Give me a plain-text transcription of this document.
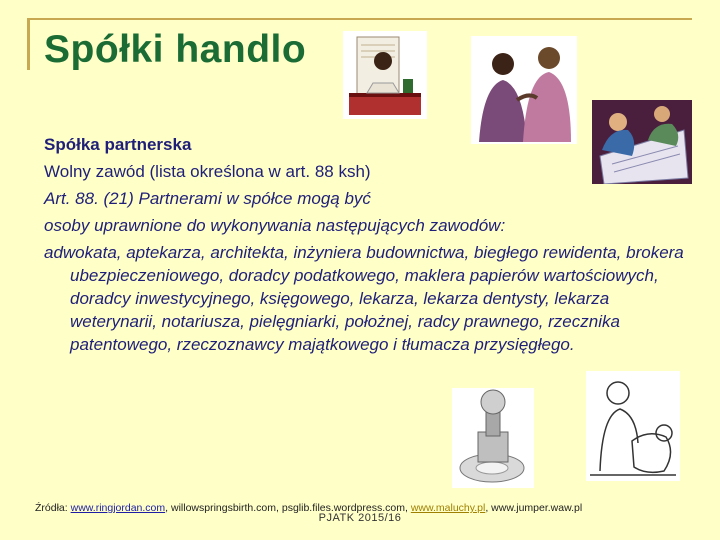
Spółki handlo

Spółka partnerska

Wolny zawód (lista określona w art. 88 ksh)

Art. 88. (21) Partnerami w spółce mogą być

osoby uprawnione do wykonywania następujących zawodów:

adwokata, aptekarza, architekta, inżyniera budownictwa, biegłego rewidenta, brokera ubezpieczeniowego, doradcy podatkowego, maklera papierów wartościowych, doradcy inwestycyjnego, księgowego, lekarza, lekarza dentysty, lekarza weterynarii, notariusza, pielęgniarki, położnej, radcy prawnego, rzecznika patentowego, rzeczoznawcy majątkowego i tłumacza przysięgłego.

Źródła: www.ringjordan.com, willowspringsbirth.com, psglib.files.wordpress.com, www.maluchy.pl, www.jumper.waw.pl
PJATK 2015/16
